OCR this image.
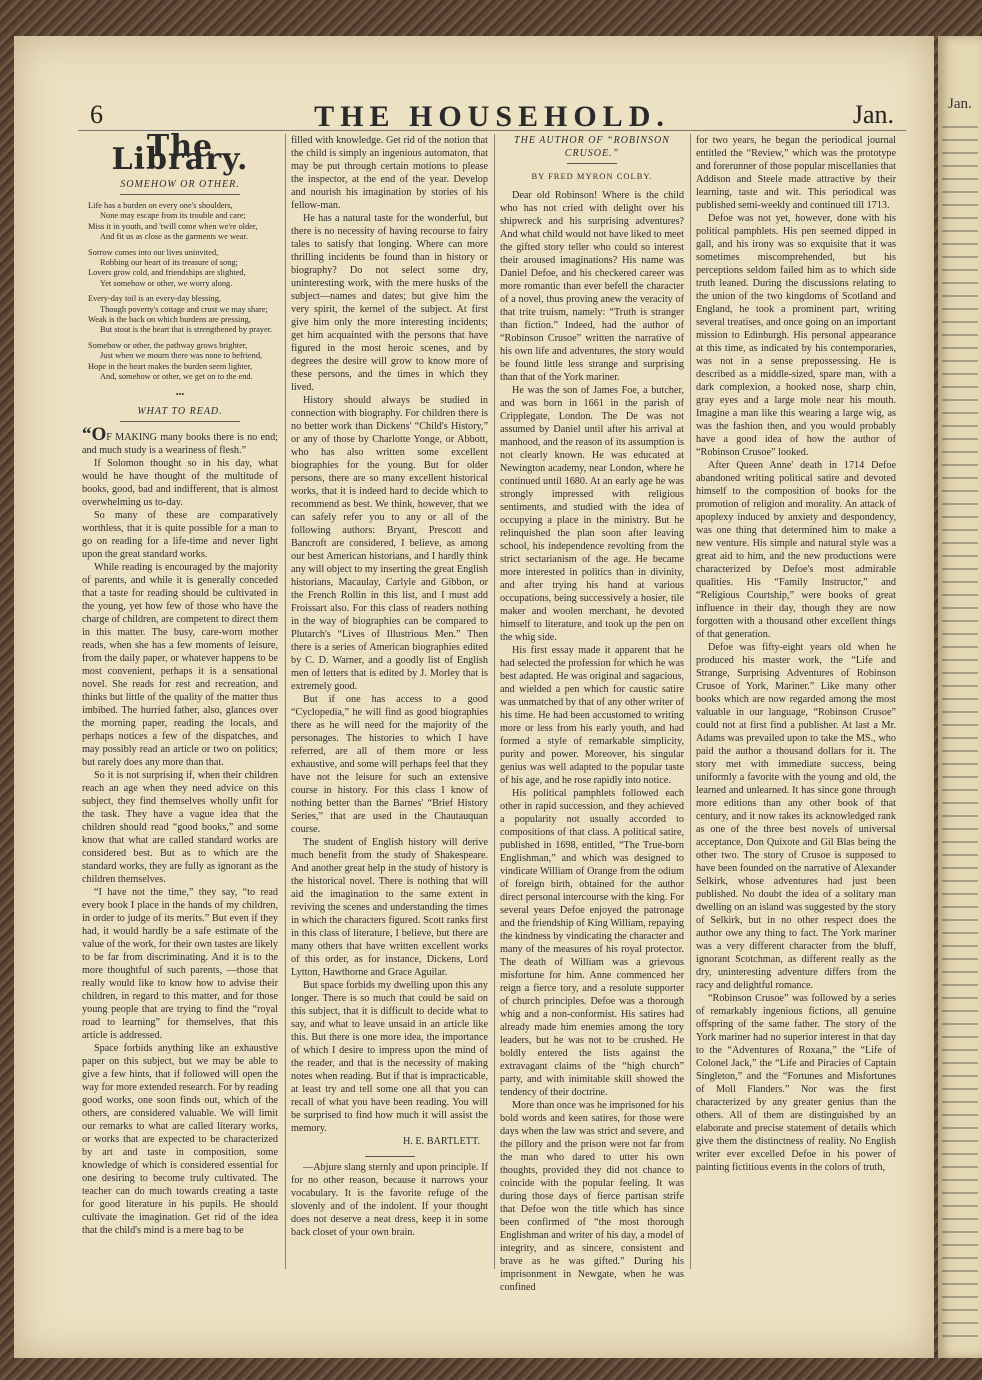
Jan.
6	THE HOUSEHOLD.	Jan.
The Library.
SOMEHOW OR OTHER.
Life has a burden on every one's shoulders,
None may escape from its trouble and care;
Miss it in youth, and 'twill come when we're older,
And fit us as close as the garments we wear.
Sorrow comes into our lives uninvited,
Robbing our heart of its treasure of song;
Lovers grow cold, and friendships are slighted,
Yet somehow or other, we worry along.
Every-day toil is an every-day blessing,
Though poverty's cottage and crust we may share;
Weak is the back on which burdens are pressing,
But stout is the heart that is strengthened by prayer.
Somehow or other, the pathway grows brighter,
Just when we mourn there was none to befriend,
Hope in the heart makes the burden seem lighter,
And, somehow or other, we get on to the end.
•••
WHAT TO READ.

“OF MAKING many books there is no end; and much study is a weariness of flesh.”

If Solomon thought so in his day, what would he have thought of the multitude of books, good, bad and indifferent, that is almost overwhelming us to-day.

So many of these are comparatively worthless, that it is quite possible for a man to go on reading for a life-time and never light upon the great standard works.

While reading is encouraged by the majority of parents, and while it is generally conceded that a taste for reading should be cultivated in the young, yet how few of those who have the charge of children, are competent to direct them in this matter. The busy, care-worn mother reads, when she has a few moments of leisure, from the daily paper, or whatever happens to be most convenient, perhaps it is a sensational novel. She reads for rest and recreation, and thinks but little of the quality of the matter thus imbibed. The hurried father, also, glances over the morning paper, reading the locals, and perhaps notices a few of the dispatches, and may possibly read an article or two on politics; but rarely does any more than that.

So it is not surprising if, when their children reach an age when they need advice on this subject, they find themselves wholly unfit for the task. They have a vague idea that the children should read “good books,” and some know that what are called standard works are considered best. But as to which are the standard works, they are fully as ignorant as the children themselves.

“I have not the time,” they say, “to read every book I place in the hands of my children, in order to judge of its merits.” But even if they had, it would hardly be a safe estimate of the value of the work, for their own tastes are likely to be far from discriminating. And it is to the more thoughtful of such parents, —those that really would like to know how to advise their children, in regard to this matter, and for those young people that are trying to find the “royal road to learning” for themselves, that this article is addressed.

Space forbids anything like an exhaustive paper on this subject, but we may be able to give a few hints, that if followed will open the way for more extended research. For by reading good works, one soon finds out, which of the others, are considered valuable. We will limit our remarks to what are called literary works, or works that are expected to be characterized by art and taste in composition, some knowledge of which is considered essential for one desiring to become truly cultivated. The teacher can do much towards creating a taste for good literature in his pupils. He should cultivate the imagination. Get rid of the idea that the child's mind is a mere bag to be

filled with knowledge. Get rid of the notion that the child is simply an ingenious automaton, that may be put through certain motions to please the inspector, at the end of the year. Develop and nourish his imagination by stories of his fellow-man.

He has a natural taste for the wonderful, but there is no necessity of having recourse to fairy tales to satisfy that longing. Where can more thrilling incidents be found than in history or biography? Do not select some dry, uninteresting work, with the mere husks of the subject—names and dates; but give him the very spirit, the kernel of the subject. At first give him only the more interesting incidents; get him acquainted with the persons that have figured in the most heroic scenes, and by degrees the desire will grow to know more of these persons, and the times in which they lived.

History should always be studied in connection with biography. For children there is no better work than Dickens' “Child's History,” or any of those by Charlotte Yonge, or Abbott, who has also written some excellent biographies for the young. But for older persons, there are so many excellent historical works, that it is indeed hard to decide which to recommend as best. We think, however, that we can safely refer you to any or all of the following authors: Bryant, Prescott and Bancroft are considered, I believe, as among our best American historians, and I hardly think any will object to my inserting the great English historians, Macaulay, Carlyle and Gibbon, or the French Rollin in this list, and I must add Froissart also. For this class of readers nothing in the way of biographies can be compared to Plutarch's “Lives of Illustrious Men.” Then there is a series of American biographies edited by C. D. Warner, and a goodly list of English men of letters that is edited by J. Morley that is extremely good.

But if one has access to a good “Cyclopedia,” he will find as good biographies there as he will need for the majority of the personages. The histories to which I have referred, are all of them more or less exhaustive, and some will perhaps feel that they have not the leisure for such an extensive course in history. For this class I know of nothing better than the Barnes' “Brief History Series,” that are used in the Chautauquan course.

The student of English history will derive much benefit from the study of Shakespeare. And another great help in the study of history is the historical novel. There is nothing that will aid the imagination to the same extent in reviving the scenes and understanding the times in which the characters figured. Scott ranks first in this class of literature, I believe, but there are many others that have written excellent works of this order, as for instance, Dickens, Lord Lytton, Hawthorne and Grace Aguilar.

But space forbids my dwelling upon this any longer. There is so much that could be said on this subject, that it is difficult to decide what to say, and what to leave unsaid in an article like this. But there is one more idea, the importance of which I desire to impress upon the mind of the reader, and that is the necessity of making notes when reading. But if that is impracticable, at least try and tell some one all that you can recall of what you have been reading. You will be surprised to find how much it will assist the memory.

H. E. BARTLETT.

—Abjure slang sternly and upon principle. If for no other reason, because it narrows your vocabulary. It is the favorite refuge of the slovenly and of the indolent. If your thought does not deserve a neat dress, keep it in some back closet of your own brain.

THE AUTHOR OF “ROBINSON CRUSOE.”
BY FRED MYRON COLBY.

Dear old Robinson! Where is the child who has not cried with delight over his shipwreck and his surprising adventures? And what child would not have liked to meet the gifted story teller who could so interest their aroused imaginations? His name was Daniel Defoe, and his checkered career was more romantic than ever befell the character of a novel, thus proving anew the veracity of that trite truism, namely: “Truth is stranger than fiction.” Indeed, had the author of “Robinson Crusoe” written the narrative of his own life and adventures, the story would be found little less strange and surprising than that of the York mariner.

He was the son of James Foe, a butcher, and was born in 1661 in the parish of Cripplegate, London. The De was not assumed by Daniel until after his arrival at manhood, and the reason of its assumption is not clearly known. He was educated at Newington academy, near London, where he continued until 1680. At an early age he was strongly impressed with religious sentiments, and studied with the idea of occupying a place in the ministry. But he relinquished the plan soon after leaving school, his independence revolting from the strict sectarianism of the age. He became more interested in politics than in divinity, and after trying his hand at various occupations, being successively a hosier, tile maker and woolen merchant, he devoted himself to literature, and took up the pen on the whig side.

His first essay made it apparent that he had selected the profession for which he was best adapted. He was original and sagacious, and wielded a pen which for caustic satire was unmatched by that of any other writer of his time. He had been accustomed to writing more or less from his early youth, and had formed a style of remarkable simplicity, purity and power. Moreover, his singular genius was well adapted to the popular taste of his age, and he rose rapidly into notice.

His political pamphlets followed each other in rapid succession, and they achieved a popularity not usually accorded to compositions of that class. A political satire, published in 1698, entitled, “The True-born Englishman,” and which was designed to vindicate William of Orange from the odium of foreign birth, obtained for the author direct personal intercourse with the king. For several years Defoe enjoyed the patronage and the friendship of King William, repaying the kindness by vindicating the character and many of the measures of his royal protector. The death of William was a grievous misfortune for him. Anne commenced her reign a fierce tory, and a resolute supporter of church principles. Defoe was a thorough whig and a non-conformist. His satires had already made him enemies among the tory leaders, but he was not to be crushed. He boldly entered the lists against the extravagant claims of the “high church” party, and with inimitable skill showed the tendency of their doctrine.

More than once was he imprisoned for his bold words and keen satires, for those were days when the law was strict and severe, and the pillory and the prison were not far from the man who dared to utter his own thoughts, provided they did not chance to coincide with the popular feeling. It was during those days of fierce partisan strife that Defoe won the title which has since been confirmed of “the most thorough Englishman and writer of his day, a model of integrity, and as sincere, consistent and brave as he was gifted.” During his imprisonment in Newgate, when he was confined

for two years, he began the periodical journal entitled the “Review,” which was the prototype and forerunner of those popular miscellanies that Addison and Steele made attractive by their learning, taste and wit. This periodical was published semi-weekly and continued till 1713.

Defoe was not yet, however, done with his political pamphlets. His pen seemed dipped in gall, and his irony was so exquisite that it was sometimes miscomprehended, but his perceptions seldom failed him as to which side truth leaned. During the discussions relating to the union of the two kingdoms of Scotland and England, he took a prominent part, writing several treatises, and once going on an important mission to Edinburgh. His personal appearance at this time, as indicated by his contemporaries, was not in a sense prepossessing. He is described as a middle-sized, spare man, with a dark complexion, a hooked nose, sharp chin, gray eyes and a large mole near his mouth. Imagine a man like this wearing a large wig, as was the fashion then, and you would probably have a good idea of how the author of “Robinson Crusoe” looked.

After Queen Anne' death in 1714 Defoe abandoned writing political satire and devoted himself to the composition of books for the promotion of religion and morality. An attack of apoplexy induced by anxiety and despondency, was one thing that determined him to make a new venture. His simple and natural style was a great aid to him, and the new productions were characterized by Defoe's most admirable qualities. His “Family Instructor,” and “Religious Courtship,” were books of great influence in their day, though they are now forgotten with a thousand other excellent things of that generation.

Defoe was fifty-eight years old when he produced his master work, the “Life and Strange, Surprising Adventures of Robinson Crusoe of York, Mariner.” Like many other books which are now regarded among the most valuable in our language, “Robinson Crusoe” could not at first find a publisher. At last a Mr. Adams was prevailed upon to take the MS., who paid the author a thousand dollars for it. The story met with immediate success, being uniformly a favorite with the young and old, the learned and unlearned. It has since gone through more editions than any other book of that century, and it now takes its acknowledged rank as one of the three best novels of universal acceptance, Don Quixote and Gil Blas being the other two. The story of Crusoe is supposed to have been founded on the narrative of Alexander Selkirk, whose adventures had just been published. No doubt the idea of a solitary man dwelling on an island was suggested by the story of Selkirk, but in no other respect does the author owe any thing to fact. The York mariner was a very different character from the bluff, ignorant Scotchman, as different really as the dry, uninteresting adventure differs from the racy and delightful romance.

“Robinson Crusoe” was followed by a series of remarkably ingenious fictions, all genuine offspring of the same father. The story of the York mariner had no superior interest in that day to the “Adventures of Roxana,” the “Life of Colonel Jack,” the “Life and Piracies of Captain Singleton,” and the “Fortunes and Misfortunes of Moll Flanders.” Nor was the first characterized by any greater genius than the others. All of them are distinguished by an elaborate and precise statement of details which give them the distinctness of reality. No English writer ever excelled Defoe in his power of painting fictitious events in the colors of truth,
